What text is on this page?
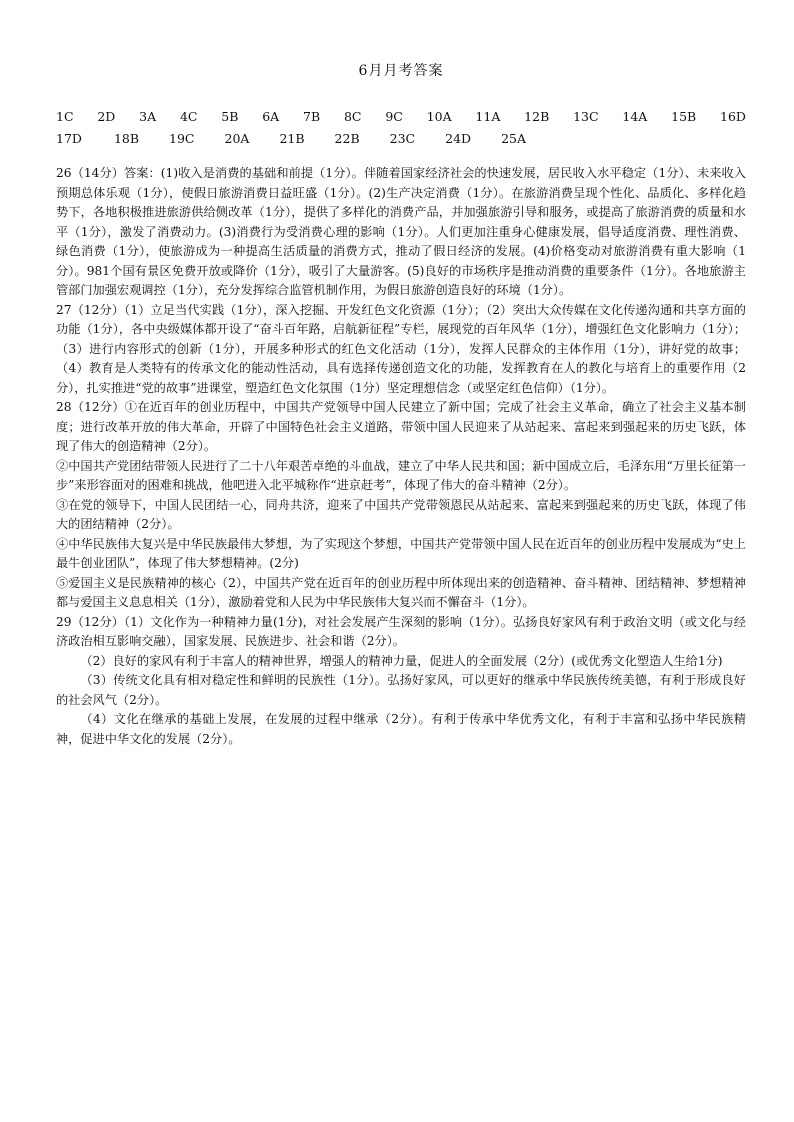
6月月考答案
1C 2D 3A 4C 5B 6A 7B 8C 9C 10A 11A 12B 13C 14A 15B 16D
17D	18B 19C 20A 21B 22B 23C 24D 25A

26（14分）答案：(1)收入是消费的基础和前提（1分）。伴随着国家经济社会的快速发展，居民收入水平稳定（1分）、未来收入预期总体乐观（1分），使假日旅游消费日益旺盛（1分）。(2)生产决定消费（1分）。在旅游消费呈现个性化、品质化、多样化趋势下，各地积极推进旅游供给侧改革（1分），提供了多样化的消费产品，并加强旅游引导和服务，或提高了旅游消费的质量和水平（1分），激发了消费动力。(3)消费行为受消费心理的影响（1分）。人们更加注重身心健康发展，倡导适度消费、理性消费、绿色消费（1分），使旅游成为一种提高生活质量的消费方式，推动了假日经济的发展。(4)价格变动对旅游消费有重大影响（1分）。981个国有景区免费开放或降价（1分），吸引了大量游客。(5)良好的市场秩序是推动消费的重要条件（1分）。各地旅游主管部门加强宏观调控（1分），充分发挥综合监管机制作用，为假日旅游创造良好的环境（1分）。

27（12分）（1）立足当代实践（1分），深入挖掘、开发红色文化资源（1分）；（2）突出大众传媒在文化传递沟通和共享方面的功能（1分），各中央级媒体都开设了“奋斗百年路，启航新征程”专栏，展现党的百年风华（1分），增强红色文化影响力（1分）；（3）进行内容形式的创新（1分），开展多种形式的红色文化活动（1分），发挥人民群众的主体作用（1分），讲好党的故事；（4）教育是人类特有的传承文化的能动性活动，具有选择传递创造文化的功能，发挥教育在人的教化与培育上的重要作用（2分），扎实推进“党的故事”进课堂，塑造红色文化氛围（1分）坚定理想信念（或坚定红色信仰）（1分）。

28（12分）①在近百年的创业历程中，中国共产党领导中国人民建立了新中国；完成了社会主义革命，确立了社会主义基本制度；进行改革开放的伟大革命，开辟了中国特色社会主义道路，带领中国人民迎来了从站起来、富起来到强起来的历史飞跃，体现了伟大的创造精神（2分）。

②中国共产党团结带领人民进行了二十八年艰苦卓绝的斗血战，建立了中华人民共和国；新中国成立后，毛泽东用“万里长征第一步”来形容面对的困难和挑战，他吧进入北平城称作“进京赶考”，体现了伟大的奋斗精神（2分）。

③在党的领导下，中国人民团结一心，同舟共济，迎来了中国共产党带领恩民从站起来、富起来到强起来的历史飞跃，体现了伟大的团结精神（2分）。

④中华民族伟大复兴是中华民族最伟大梦想，为了实现这个梦想，中国共产党带领中国人民在近百年的创业历程中发展成为“史上最牛创业团队”，体现了伟大梦想精神。(2分)

⑤爱国主义是民族精神的核心（2），中国共产党在近百年的创业历程中所体现出来的创造精神、奋斗精神、团结精神、梦想精神都与爱国主义息息相关（1分），激励着党和人民为中华民族伟大复兴而不懈奋斗（1分）。

29（12分）（1）文化作为一种精神力量(1分)，对社会发展产生深刻的影响（1分）。弘扬良好家风有利于政治文明（或文化与经济政治相互影响交融），国家发展、民族进步、社会和谐（2分）。

（2）良好的家风有利于丰富人的精神世界，增强人的精神力量，促进人的全面发展（2分）(或优秀文化塑造人生给1分)

（3）传统文化具有相对稳定性和鲜明的民族性（1分）。弘扬好家风，可以更好的继承中华民族传统美德，有利于形成良好的社会风气（2分）。

（4）文化在继承的基础上发展，在发展的过程中继承（2分）。有利于传承中华优秀文化，有利于丰富和弘扬中华民族精神，促进中华文化的发展（2分）。
